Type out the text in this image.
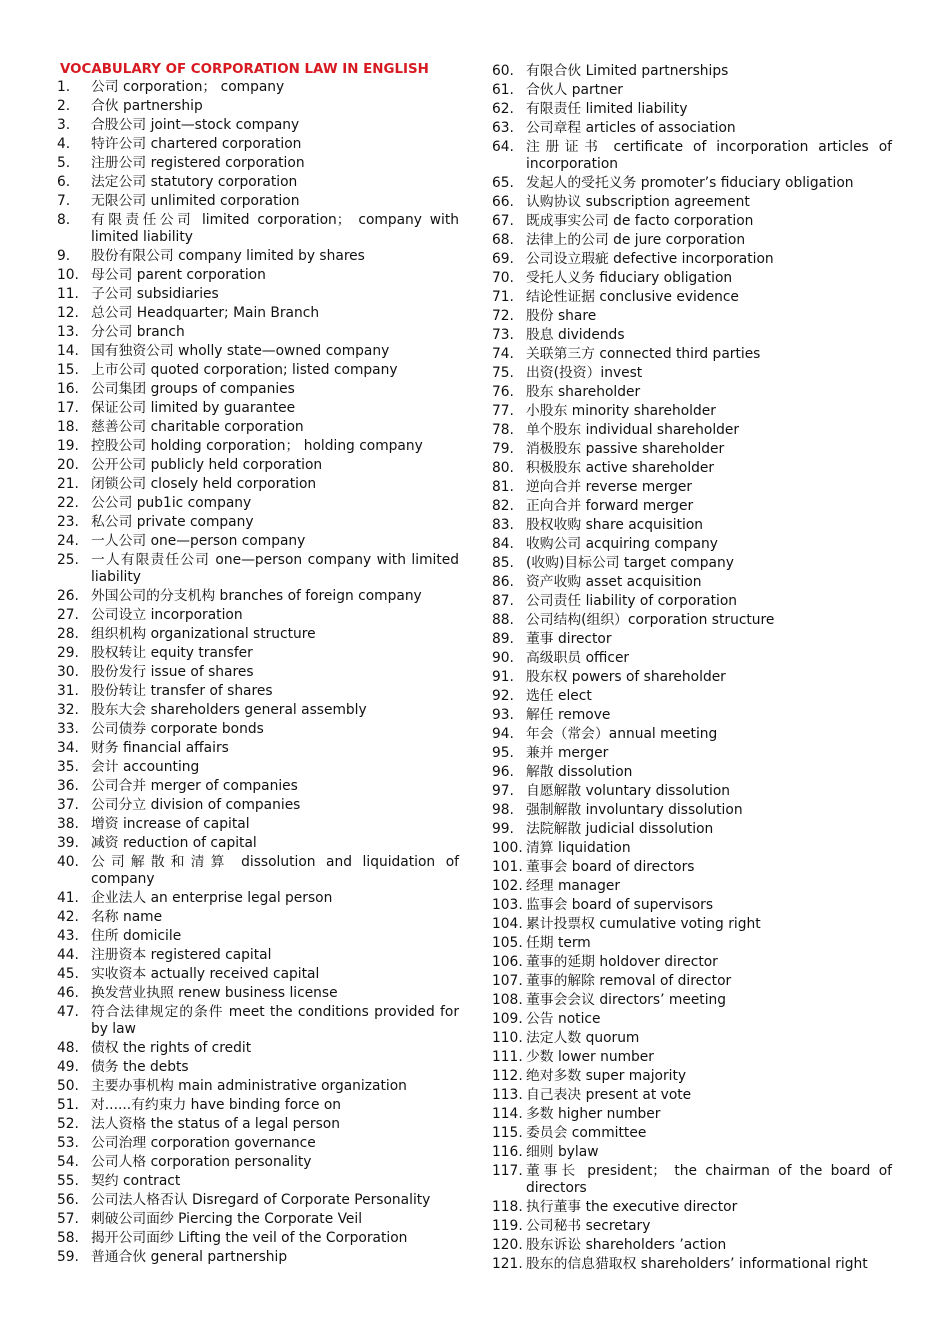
VOCABULARY OF CORPORATION LAW IN ENGLISH
1.	公司 corporation； company
2.	合伙 partnership
3.	合股公司 joint—stock company
4.	特许公司 chartered corporation
5.	注册公司 registered corporation
6.	法定公司 statutory corporation
7.	无限公司 unlimited corporation
8.	有限责任公司 limited corporation； company with limited liability
9.	股份有限公司 company limited by shares
10. 母公司 parent corporation
11. 子公司 subsidiaries
12. 总公司 Headquarter; Main Branch
13. 分公司 branch
14. 国有独资公司 wholly state—owned company
15. 上市公司 quoted corporation; listed company
16. 公司集团 groups of companies
17. 保证公司 limited by guarantee
18. 慈善公司 charitable corporation
19. 控股公司 holding corporation； holding company
20. 公开公司 publicly held corporation
21. 闭锁公司 closely held corporation
22. 公公司 pub1ic company
23. 私公司 private company
24. 一人公司 one—person company
25. 一人有限责任公司 one—person company with limited liability
26. 外国公司的分支机构 branches of foreign company
27. 公司设立 incorporation
28. 组织机构 organizational structure
29. 股权转让 equity transfer
30. 股份发行 issue of shares
31. 股份转让 transfer of shares
32. 股东大会 shareholders general assembly
33. 公司债券 corporate bonds
34. 财务 financial affairs
35. 会计 accounting
36. 公司合并 merger of companies
37. 公司分立 division of companies
38. 增资 increase of capital
39. 减资 reduction of capital
40. 公司解散和清算 dissolution and liquidation of company
41. 企业法人 an enterprise legal person
42. 名称 name
43. 住所 domicile
44. 注册资本 registered capital
45. 实收资本 actually received capital
46. 换发营业执照 renew business license
47. 符合法律规定的条件 meet the conditions provided for by law
48. 债权 the rights of credit
49. 债务 the debts
50. 主要办事机构 main administrative organization
51. 对......有约束力 have binding force on
52. 法人资格 the status of a legal person
53. 公司治理 corporation governance
54. 公司人格 corporation personality
55. 契约 contract
56. 公司法人格否认 Disregard of Corporate Personality
57. 刺破公司面纱 Piercing the Corporate Veil
58. 揭开公司面纱 Lifting the veil of the Corporation
59. 普通合伙 general partnership
60. 有限合伙 Limited partnerships
61. 合伙人 partner
62. 有限责任 limited liability
63. 公司章程 articles of association
64. 注册证书 certificate of incorporation articles of incorporation
65. 发起人的受托义务 promoter’s fiduciary obligation
66. 认购协议 subscription agreement
67. 既成事实公司 de facto corporation
68. 法律上的公司 de jure corporation
69. 公司设立瑕疵 defective incorporation
70. 受托人义务 fiduciary obligation
71. 结论性证据 conclusive evidence
72. 股份 share
73. 股息 dividends
74. 关联第三方 connected third parties
75. 出资(投资）invest
76. 股东 shareholder
77. 小股东 minority shareholder
78. 单个股东 individual shareholder
79. 消极股东 passive shareholder
80. 积极股东 active shareholder
81. 逆向合并 reverse merger
82. 正向合并 forward merger
83. 股权收购 share acquisition
84. 收购公司 acquiring company
85. (收购)目标公司 target company
86. 资产收购 asset acquisition
87. 公司责任 liability of corporation
88. 公司结构(组织）corporation structure
89. 董事 director
90. 高级职员 officer
91. 股东权 powers of shareholder
92. 选任 elect
93. 解任 remove
94. 年会（常会）annual meeting
95. 兼并 merger
96. 解散 dissolution
97. 自愿解散 voluntary dissolution
98. 强制解散 involuntary dissolution
99. 法院解散 judicial dissolution
100. 清算 liquidation
101. 董事会 board of directors
102. 经理 manager
103. 监事会 board of supervisors
104. 累计投票权 cumulative voting right
105. 任期 term
106. 董事的延期 holdover director
107. 董事的解除 removal of director
108. 董事会会议 directors’ meeting
109. 公告 notice
110. 法定人数 quorum
111. 少数 lower number
112. 绝对多数 super majority
113. 自己表决 present at vote
114. 多数 higher number
115. 委员会 committee
116. 细则 bylaw
117. 董事长 president； the chairman of the board of directors
118. 执行董事 the executive director
119. 公司秘书 secretary
120. 股东诉讼 shareholders ’action
121. 股东的信息猎取权 shareholders’ informational right
